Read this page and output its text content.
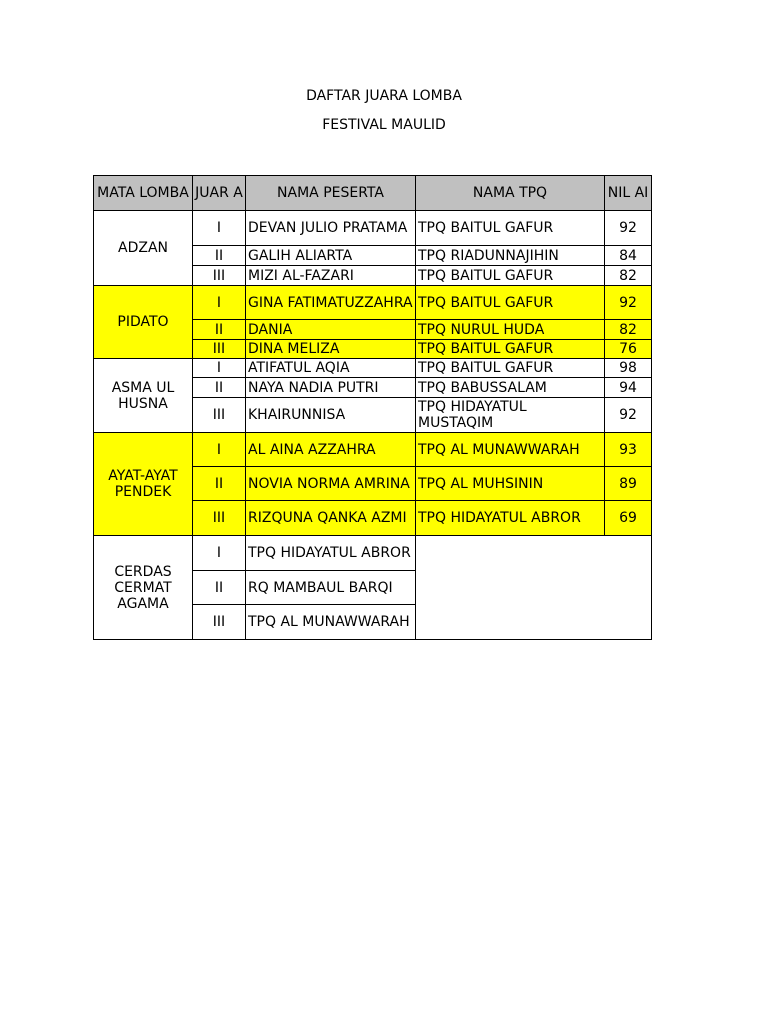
DAFTAR JUARA LOMBA
FESTIVAL MAULID
MATA LOMBA	JUAR A	NAMA PESERTA	NAMA TPQ	NIL AI
ADZAN	I	DEVAN JULIO PRATAMA	TPQ BAITUL GAFUR	92
	II	GALIH ALIARTA	TPQ RIADUNNAJIHIN	84
	III	MIZI AL-FAZARI	TPQ BAITUL GAFUR	82
PIDATO	I	GINA FATIMATUZZAHRA	TPQ BAITUL GAFUR	92
	II	DANIA	TPQ NURUL HUDA	82
	III	DINA MELIZA	TPQ BAITUL GAFUR	76
ASMA UL HUSNA	I	ATIFATUL AQIA	TPQ BAITUL GAFUR	98
	II	NAYA NADIA PUTRI	TPQ BABUSSALAM	94
	III	KHAIRUNNISA	TPQ HIDAYATUL MUSTAQIM	92
AYAT-AYAT PENDEK	I	AL AINA AZZAHRA	TPQ AL MUNAWWARAH	93
	II	NOVIA NORMA AMRINA	TPQ AL MUHSININ	89
	III	RIZQUNA QANKA AZMI	TPQ HIDAYATUL ABROR	69
CERDAS CERMAT AGAMA	I	TPQ HIDAYATUL ABROR		
	II	RQ MAMBAUL BARQI		
	III	TPQ AL MUNAWWARAH		
